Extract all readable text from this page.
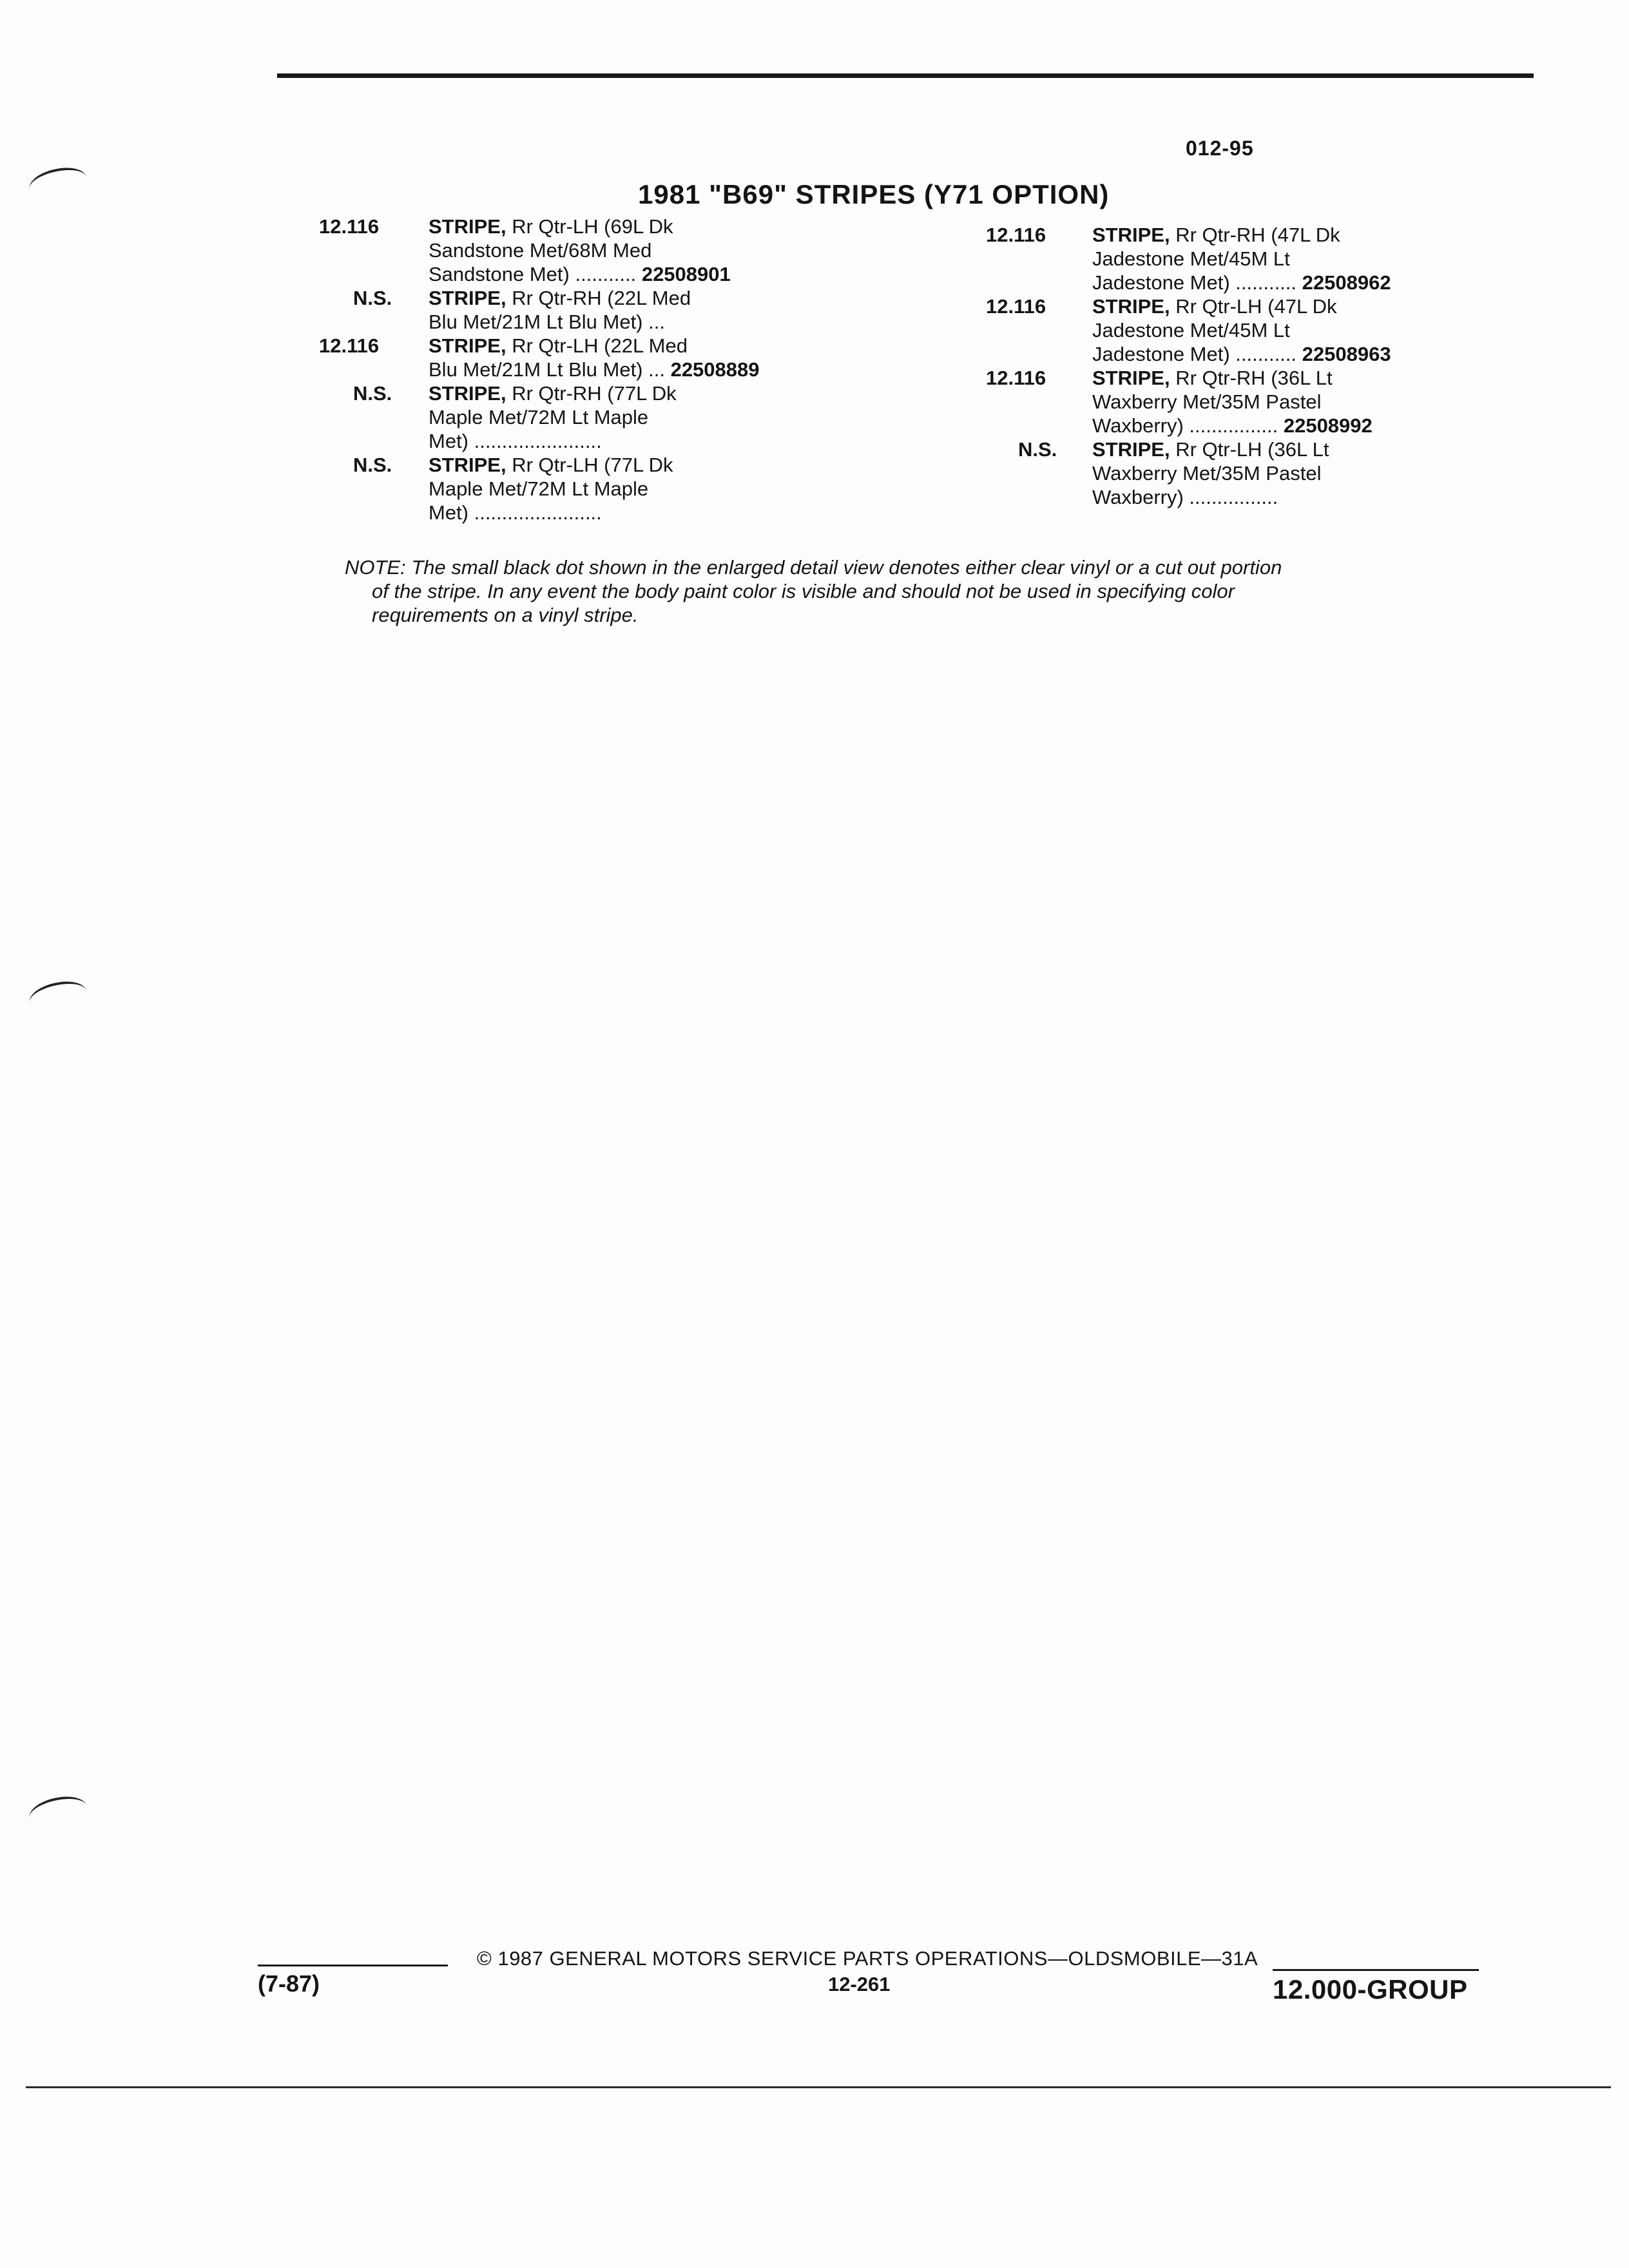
012-95
1981 "B69" STRIPES (Y71 OPTION)
12.116 STRIPE, Rr Qtr-LH (69L Dk
Sandstone Met/68M Med
Sandstone Met) ........... 22508901
N.S. STRIPE, Rr Qtr-RH (22L Med
Blu Met/21M Lt Blu Met) ...
12.116 STRIPE, Rr Qtr-LH (22L Med
Blu Met/21M Lt Blu Met) ... 22508889
N.S. STRIPE, Rr Qtr-RH (77L Dk
Maple Met/72M Lt Maple
Met) .......................
N.S. STRIPE, Rr Qtr-LH (77L Dk
Maple Met/72M Lt Maple
Met) .......................
12.116 STRIPE, Rr Qtr-RH (47L Dk
Jadestone Met/45M Lt
Jadestone Met) ........... 22508962
12.116 STRIPE, Rr Qtr-LH (47L Dk
Jadestone Met/45M Lt
Jadestone Met) ........... 22508963
12.116 STRIPE, Rr Qtr-RH (36L Lt
Waxberry Met/35M Pastel
Waxberry) ................ 22508992
N.S. STRIPE, Rr Qtr-LH (36L Lt
Waxberry Met/35M Pastel
Waxberry) ................
NOTE: The small black dot shown in the enlarged detail view denotes either clear vinyl or a cut out portion
of the stripe. In any event the body paint color is visible and should not be used in specifying color
requirements on a vinyl stripe.
© 1987 GENERAL MOTORS SERVICE PARTS OPERATIONS—OLDSMOBILE—31A
(7-87)	12-261	12.000-GROUP
